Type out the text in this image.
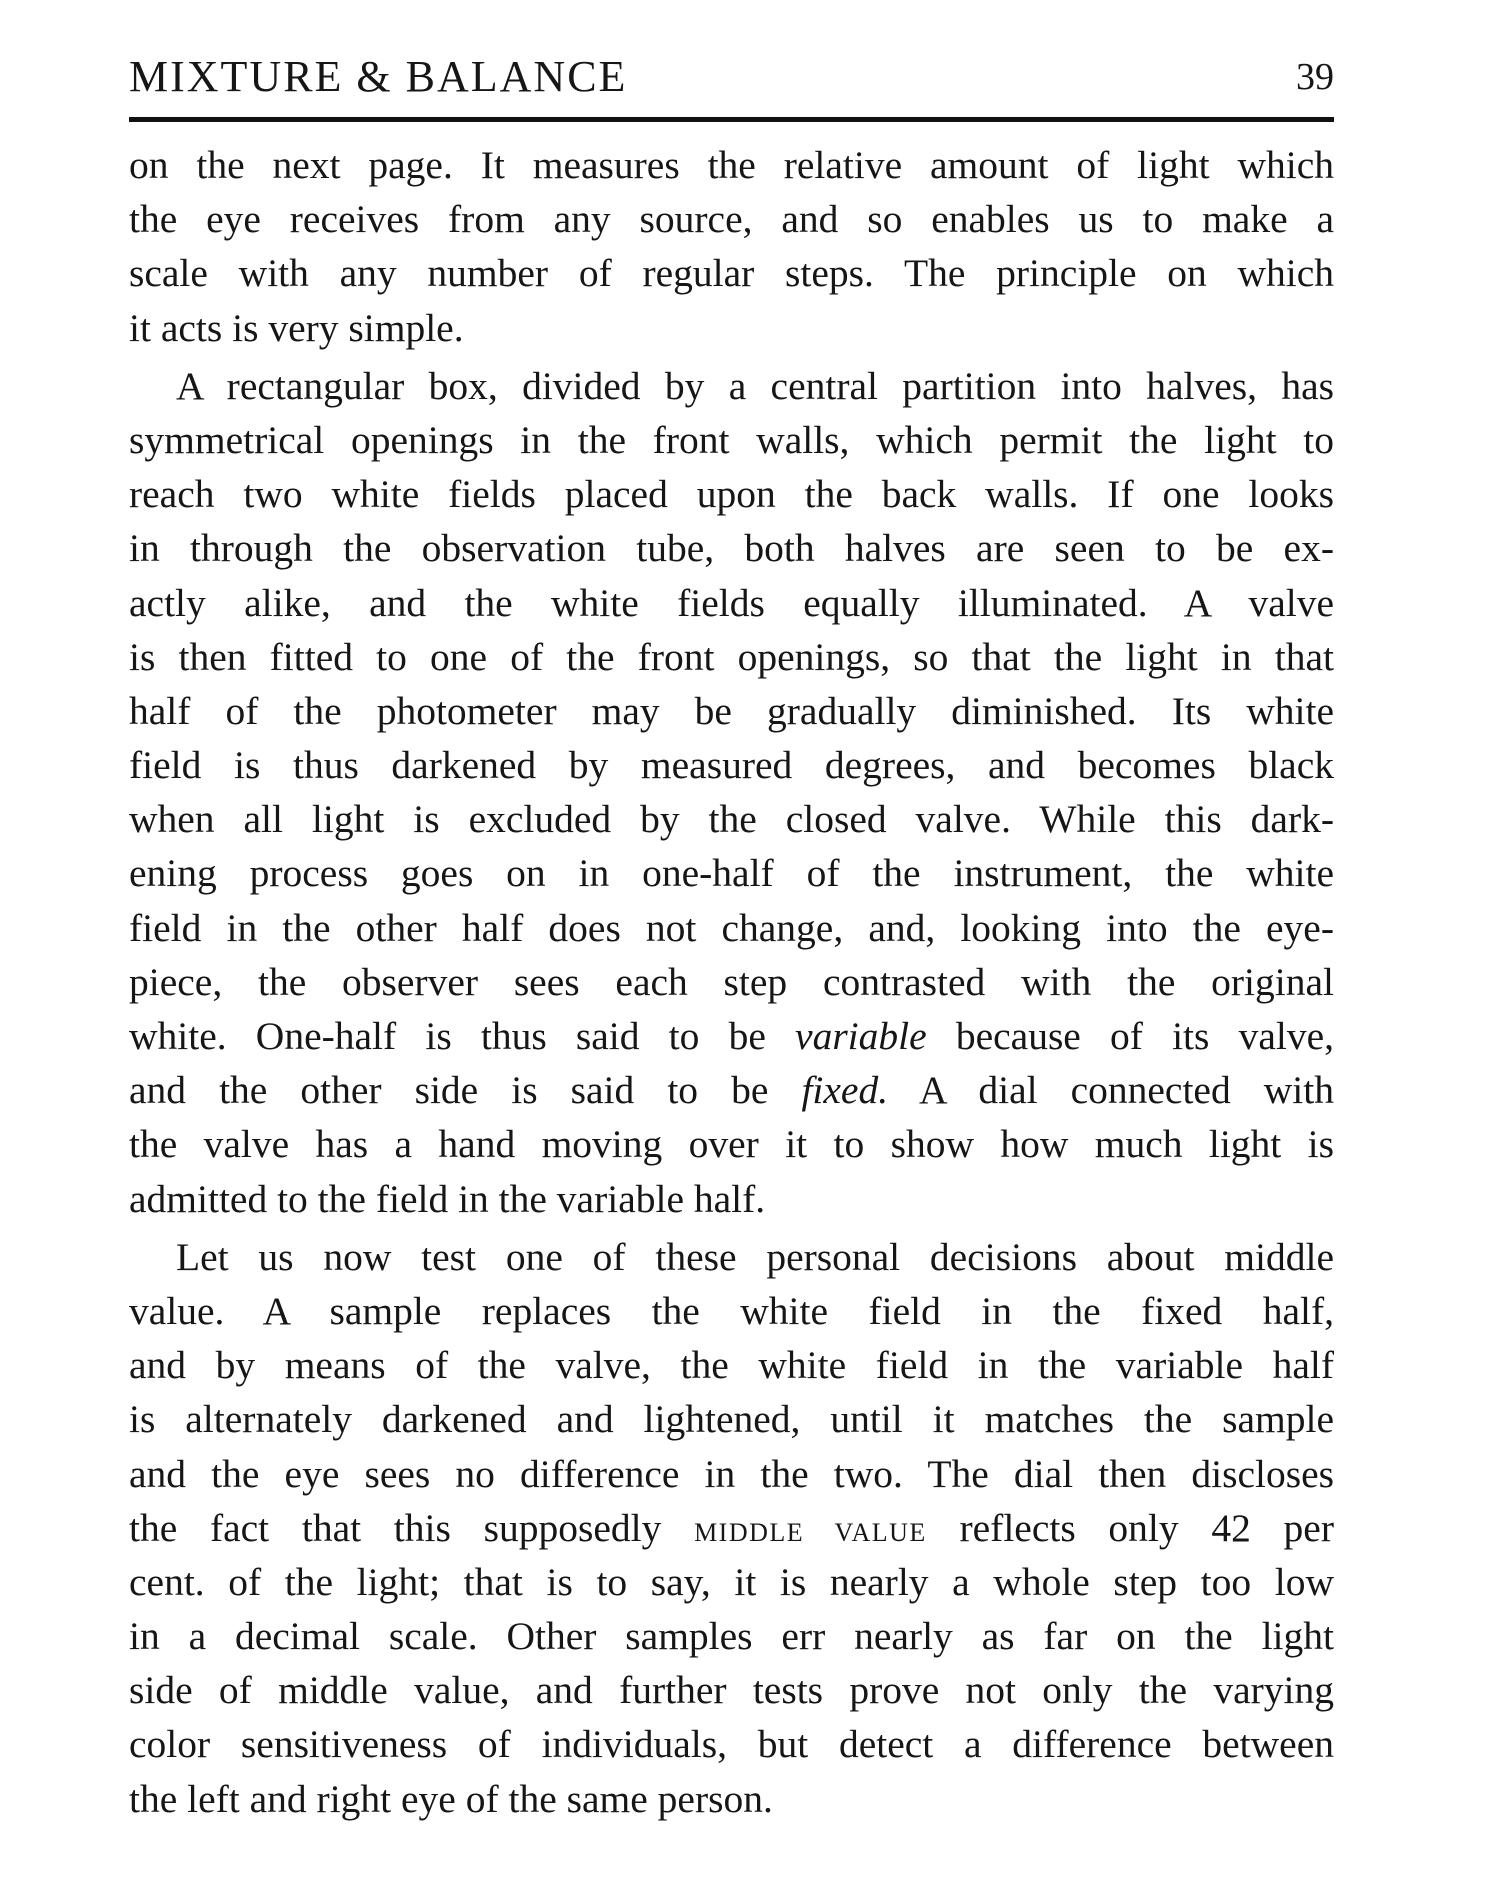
MIXTURE & BALANCE	39
on the next page. It measures the relative amount of light which
the eye receives from any source, and so enables us to make a
scale with any number of regular steps. The principle on which
it acts is very simple.
A rectangular box, divided by a central partition into halves, has
symmetrical openings in the front walls, which permit the light to
reach two white fields placed upon the back walls. If one looks
in through the observation tube, both halves are seen to be ex-
actly alike, and the white fields equally illuminated. A valve
is then fitted to one of the front openings, so that the light in that
half of the photometer may be gradually diminished. Its white
field is thus darkened by measured degrees, and becomes black
when all light is excluded by the closed valve. While this dark-
ening process goes on in one-half of the instrument, the white
field in the other half does not change, and, looking into the eye-
piece, the observer sees each step contrasted with the original
white. One-half is thus said to be variable because of its valve,
and the other side is said to be fixed. A dial connected with
the valve has a hand moving over it to show how much light is
admitted to the field in the variable half.
Let us now test one of these personal decisions about middle
value. A sample replaces the white field in the fixed half,
and by means of the valve, the white field in the variable half
is alternately darkened and lightened, until it matches the sample
and the eye sees no difference in the two. The dial then discloses
the fact that this supposedly MIDDLE VALUE reflects only 42 per
cent. of the light; that is to say, it is nearly a whole step too low
in a decimal scale. Other samples err nearly as far on the light
side of middle value, and further tests prove not only the varying
color sensitiveness of individuals, but detect a difference between
the left and right eye of the same person.
